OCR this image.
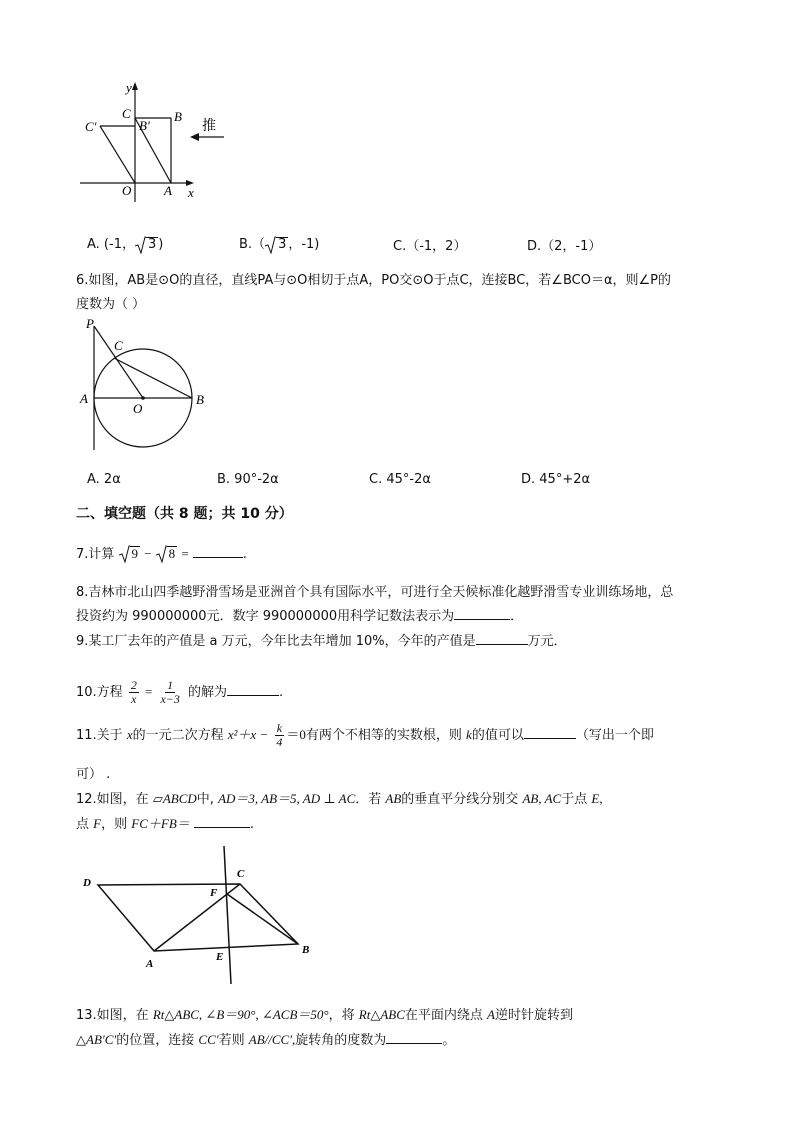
y
x
O	A
B
C
B′
C′	推
A. (-1， 3 )	B.（ 3 ，-1)	C.（-1，2）	D.（2，-1）
6.如图，AB是⊙O的直径，直线PA与⊙O相切于点A，PO交⊙O于点C，连接BC，若∠BCO＝α，则∠P的
度数为（ ）
P
C
A
O
B
A. 2α	B. 90°-2α	C. 45°-2α	D. 45°+2α
二、填空题（共 8 题；共 10 分）
7.计算 9 − 8 =	.
8.吉林市北山四季越野滑雪场是亚洲首个具有国际水平，可进行全天候标准化越野滑雪专业训练场地，总
投资约为 990000000元．数字 990000000用科学记数法表示为	．
9.某工厂去年的产值是 a 万元，今年比去年增加 10%，今年的产值是	万元．
10.方程 $\frac{2}{x} = \frac{1}{x-3}$ 的解为	.
11.关于 x的一元二次方程 $x^2+x - \frac{k}{4} =0$有两个不相等的实数根，则 k的值可以	（写出一个即
可） .
12.如图，在 ▱ABCD中, AD＝3, AB＝5, AD ⊥ AC．若 AB的垂直平分线分别交 AB, AC于点 E,
点 F，则 FC＋FB＝	.
D
C
F
A
E
B
13.如图，在 Rt△ABC, ∠B＝90°, ∠ACB＝50°，将 Rt△ABC在平面内绕点 A逆时针旋转到
△AB′C′的位置，连接 CC′若则 AB//CC′,旋转角的度数为	。
